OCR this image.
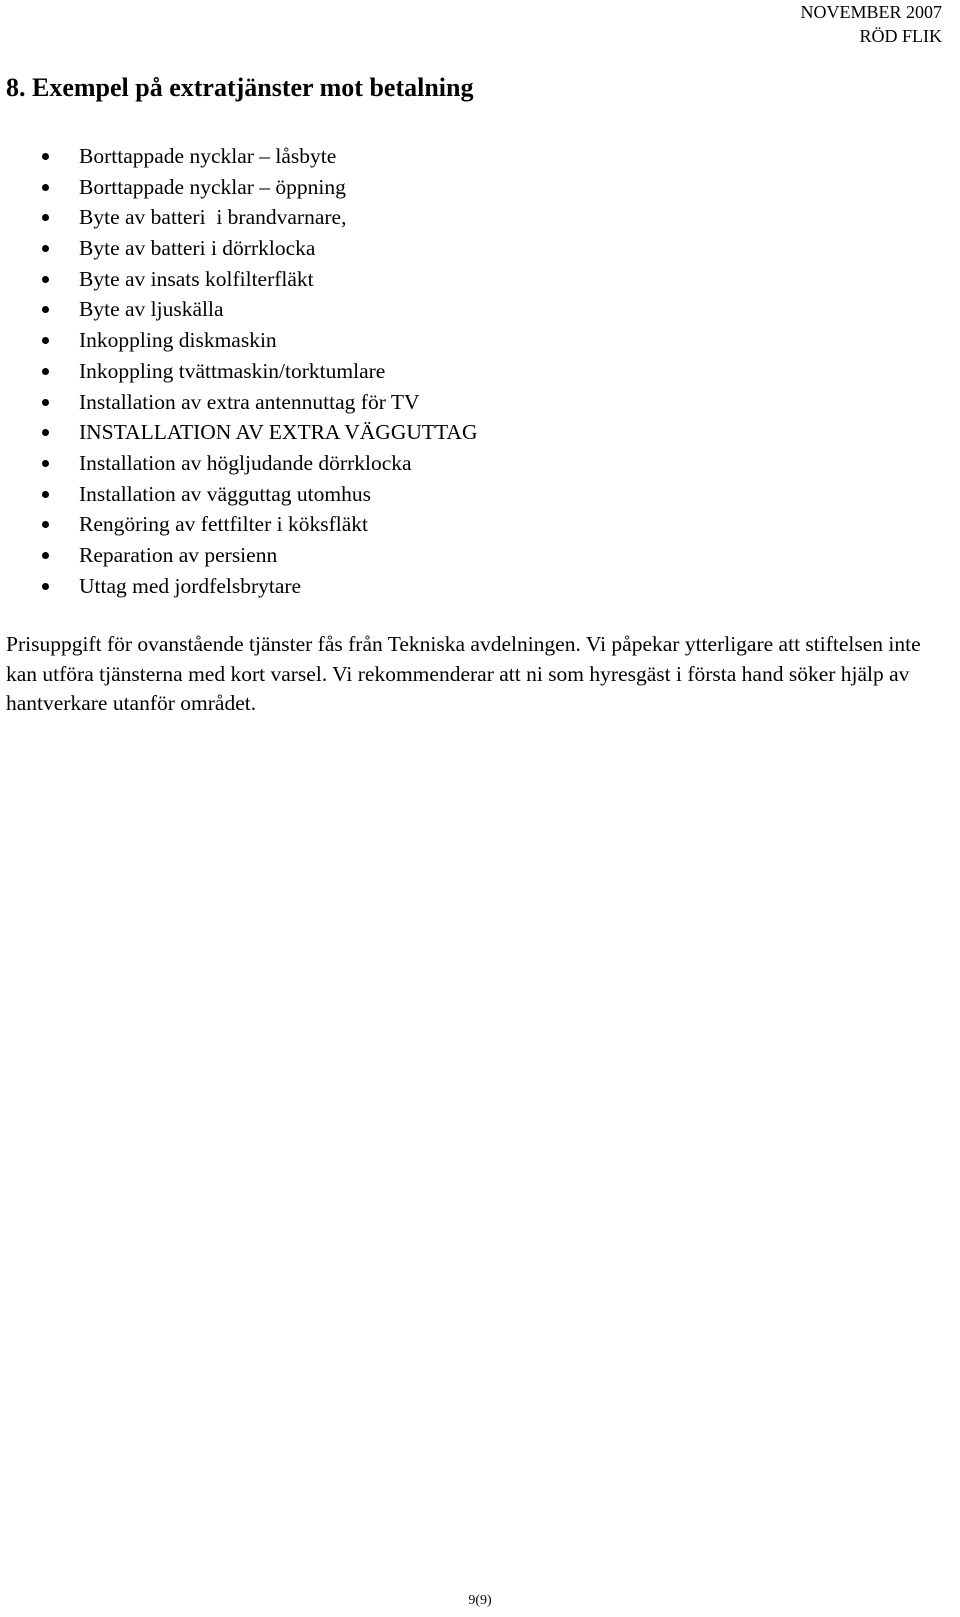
NOVEMBER 2007
RÖD FLIK
8. Exempel på extratjänster mot betalning
Borttappade nycklar – låsbyte
Borttappade nycklar – öppning
Byte av batteri  i brandvarnare,
Byte av batteri i dörrklocka
Byte av insats kolfilterfläkt
Byte av ljuskälla
Inkoppling diskmaskin
Inkoppling tvättmaskin/torktumlare
Installation av extra antennuttag för TV
INSTALLATION AV EXTRA VÄGGUTTAG
Installation av högljudande dörrklocka
Installation av vägguttag utomhus
Rengöring av fettfilter i köksfläkt
Reparation av persienn
Uttag med jordfelsbrytare

Prisuppgift för ovanstående tjänster fås från Tekniska avdelningen. Vi påpekar ytterligare att stiftelsen inte kan utföra tjänsterna med kort varsel. Vi rekommenderar att ni som hyresgäst i första hand söker hjälp av hantverkare utanför området.

9(9)
